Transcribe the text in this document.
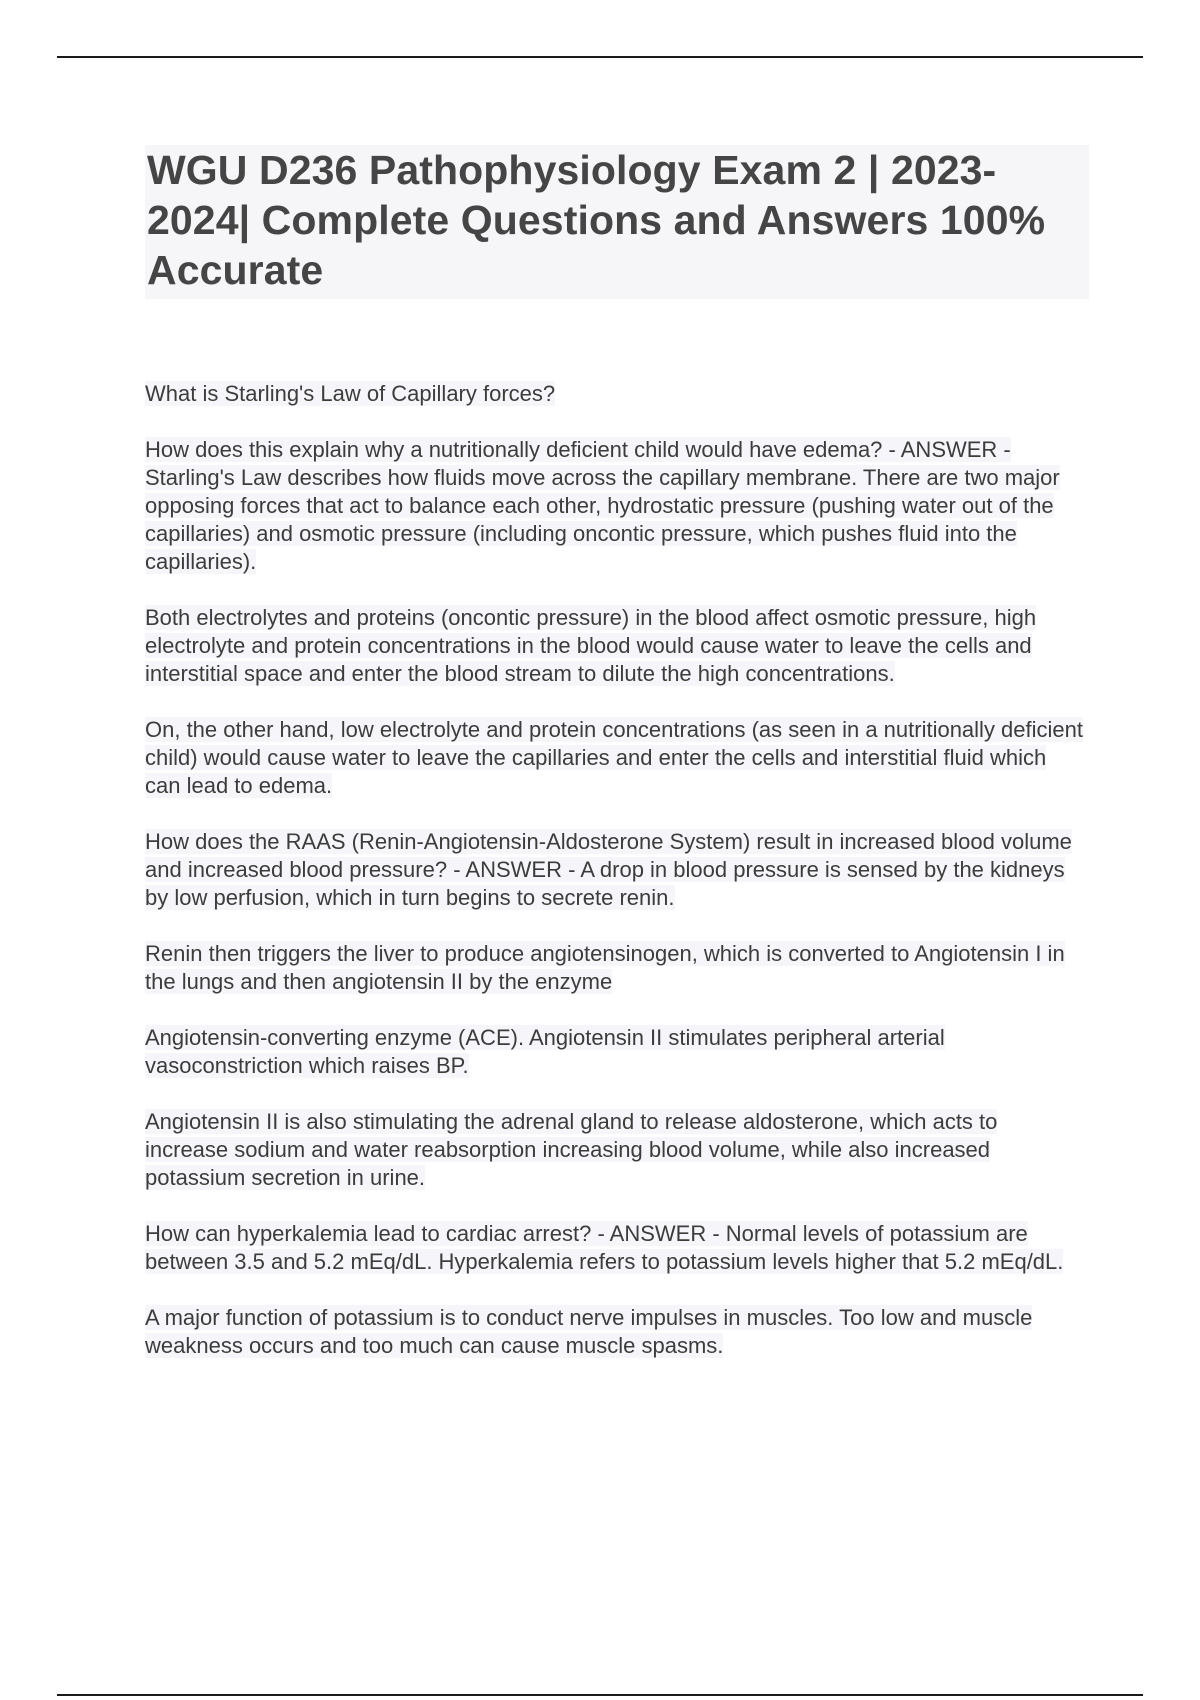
WGU D236 Pathophysiology Exam 2 | 2023-2024| Complete Questions and Answers 100% Accurate

What is Starling's Law of Capillary forces?

How does this explain why a nutritionally deficient child would have edema? - ANSWER - Starling's Law describes how fluids move across the capillary membrane. There are two major opposing forces that act to balance each other, hydrostatic pressure (pushing water out of the capillaries) and osmotic pressure (including oncontic pressure, which pushes fluid into the capillaries).

Both electrolytes and proteins (oncontic pressure) in the blood affect osmotic pressure, high electrolyte and protein concentrations in the blood would cause water to leave the cells and interstitial space and enter the blood stream to dilute the high concentrations.

On, the other hand, low electrolyte and protein concentrations (as seen in a nutritionally deficient child) would cause water to leave the capillaries and enter the cells and interstitial fluid which can lead to edema.

How does the RAAS (Renin-Angiotensin-Aldosterone System) result in increased blood volume and increased blood pressure? - ANSWER - A drop in blood pressure is sensed by the kidneys by low perfusion, which in turn begins to secrete renin.

Renin then triggers the liver to produce angiotensinogen, which is converted to Angiotensin I in the lungs and then angiotensin II by the enzyme

Angiotensin-converting enzyme (ACE). Angiotensin II stimulates peripheral arterial vasoconstriction which raises BP.

Angiotensin II is also stimulating the adrenal gland to release aldosterone, which acts to increase sodium and water reabsorption increasing blood volume, while also increased potassium secretion in urine.

How can hyperkalemia lead to cardiac arrest? - ANSWER - Normal levels of potassium are between 3.5 and 5.2 mEq/dL. Hyperkalemia refers to potassium levels higher that 5.2 mEq/dL.

A major function of potassium is to conduct nerve impulses in muscles. Too low and muscle weakness occurs and too much can cause muscle spasms.
